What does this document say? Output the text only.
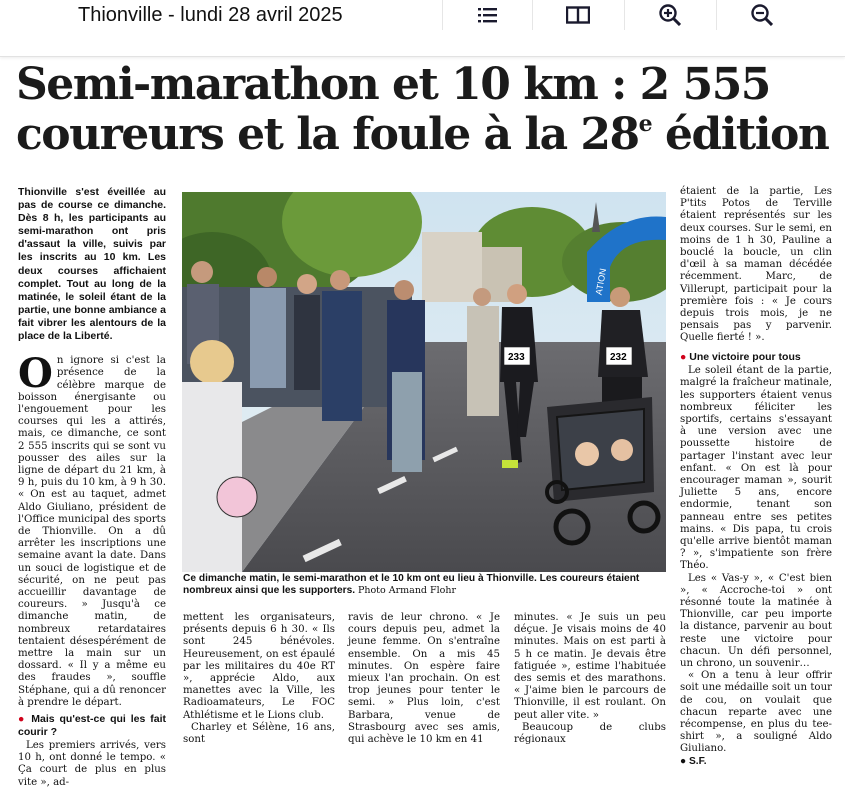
Thionville - lundi 28 avril 2025
Semi-marathon et 10 km : 2 555 coureurs et la foule à la 28e édition

Thionville s'est éveillée au pas de course ce dimanche. Dès 8 h, les participants au semi-marathon ont pris d'assaut la ville, suivis par les inscrits au 10 km. Les deux courses affichaient complet. Tout au long de la matinée, le soleil étant de la partie, une bonne ambiance a fait vibrer les alentours de la place de la Liberté.

On ignore si c'est la présence de la célèbre marque de boisson énergisante ou l'engouement pour les courses qui les a attirés, mais, ce dimanche, ce sont 2 555 inscrits qui se sont vu pousser des ailes sur la ligne de départ du 21 km, à 9 h, puis du 10 km, à 9 h 30. « On est au taquet, admet Aldo Giuliano, président de l'Office municipal des sports de Thionville. On a dû arrêter les inscriptions une semaine avant la date. Dans un souci de logistique et de sécurité, on ne peut pas accueillir davantage de coureurs. » Jusqu'à ce dimanche matin, de nombreux retardataires tentaient désespérément de mettre la main sur un dossard. « Il y a même eu des fraudes », souffle Stéphane, qui a dû renoncer à prendre le départ.

● Mais qu'est-ce qui les fait courir ?

Les premiers arrivés, vers 10 h, ont donné le tempo. « Ça court de plus en plus vite », ad-

ATION
233	232
Ce dimanche matin, le semi-marathon et le 10 km ont eu lieu à Thionville. Les coureurs étaient nombreux ainsi que les supporters. Photo Armand Flohr

mettent les organisateurs, présents depuis 6 h 30. « Ils sont 245 bénévoles. Heureusement, on est épaulé par les militaires du 40e RT », apprécie Aldo, aux manettes avec la Ville, les Radioamateurs, Le FOC Athlétisme et le Lions club.

Charley et Sélène, 16 ans, sont

ravis de leur chrono. « Je cours depuis peu, admet la jeune femme. On s'entraîne ensemble. On a mis 45 minutes. On espère faire mieux l'an prochain. On est trop jeunes pour tenter le semi. » Plus loin, c'est Barbara, venue de Strasbourg avec ses amis, qui achève le 10 km en 41

minutes. « Je suis un peu déçue. Je visais moins de 40 minutes. Mais on est parti à 5 h ce matin. Je devais être fatiguée », estime l'habituée des semis et des marathons. « J'aime bien le parcours de Thionville, il est roulant. On peut aller vite. »

Beaucoup de clubs régionaux

étaient de la partie, Les P'tits Potos de Terville étaient représentés sur les deux courses. Sur le semi, en moins de 1 h 30, Pauline a bouclé la boucle, un clin d'œil à sa maman décédée récemment. Marc, de Villerupt, participait pour la première fois : « Je cours depuis trois mois, je ne pensais pas y parvenir. Quelle fierté ! ».

● Une victoire pour tous

Le soleil étant de la partie, malgré la fraîcheur matinale, les supporters étaient venus nombreux féliciter les sportifs, certains s'essayant à une version avec une poussette histoire de partager l'instant avec leur enfant. « On est là pour encourager maman », sourit Juliette 5 ans, encore endormie, tenant son panneau entre ses petites mains. « Dis papa, tu crois qu'elle arrive bientôt maman ? », s'impatiente son frère Théo.

Les « Vas-y », « C'est bien », « Accroche-toi » ont résonné toute la matinée à Thionville, car peu importe la distance, parvenir au bout reste une victoire pour chacun. Un défi personnel, un chrono, un souvenir…

« On a tenu à leur offrir soit une médaille soit un tour de cou, on voulait que chacun reparte avec une récompense, en plus du tee-shirt », a souligné Aldo Giuliano.

● S.F.
